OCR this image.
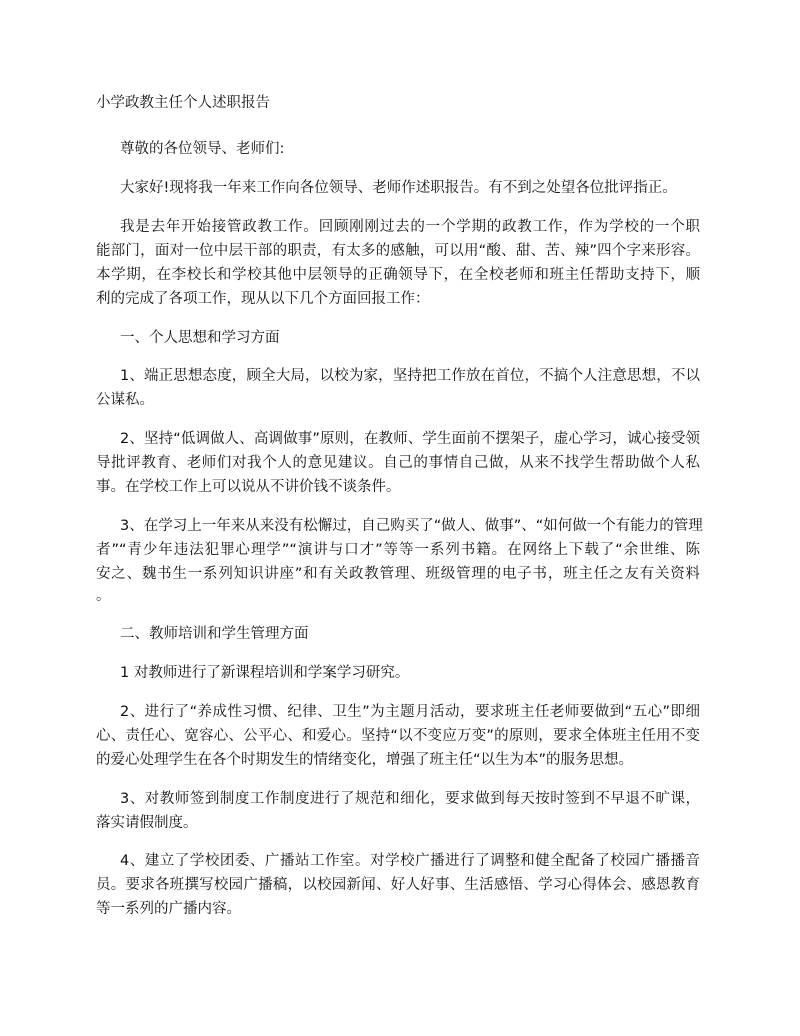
小学政教主任个人述职报告
尊敬的各位领导、老师们:
大家好!现将我一年来工作向各位领导、老师作述职报告。有不到之处望各位批评指正。
我是去年开始接管政教工作。回顾刚刚过去的一个学期的政教工作，作为学校的一个职
能部门，面对一位中层干部的职责，有太多的感触，可以用“酸、甜、苦、辣”四个字来形容。
本学期，在李校长和学校其他中层领导的正确领导下，在全校老师和班主任帮助支持下，顺
利的完成了各项工作，现从以下几个方面回报工作：
一、个人思想和学习方面
1、端正思想态度，顾全大局，以校为家，坚持把工作放在首位，不搞个人注意思想，不以
公谋私。
2、坚持“低调做人、高调做事”原则，在教师、学生面前不摆架子，虚心学习，诚心接受领
导批评教育、老师们对我个人的意见建议。自己的事情自己做，从来不找学生帮助做个人私
事。在学校工作上可以说从不讲价钱不谈条件。
3、在学习上一年来从来没有松懈过，自己购买了“做人、做事”、“如何做一个有能力的管理
者”“青少年违法犯罪心理学”“演讲与口才”等等一系列书籍。在网络上下载了“余世维、陈
安之、魏书生一系列知识讲座”和有关政教管理、班级管理的电子书，班主任之友有关资料
。
二、教师培训和学生管理方面
1 对教师进行了新课程培训和学案学习研究。
2、进行了“养成性习惯、纪律、卫生”为主题月活动，要求班主任老师要做到“五心”即细
心、责任心、宽容心、公平心、和爱心。坚持“以不变应万变”的原则，要求全体班主任用不变
的爱心处理学生在各个时期发生的情绪变化，增强了班主任“以生为本”的服务思想。
3、对教师签到制度工作制度进行了规范和细化，要求做到每天按时签到不早退不旷课，
落实请假制度。
4、建立了学校团委、广播站工作室。对学校广播进行了调整和健全配备了校园广播播音
员。要求各班撰写校园广播稿，以校园新闻、好人好事、生活感悟、学习心得体会、感恩教育
等一系列的广播内容。
